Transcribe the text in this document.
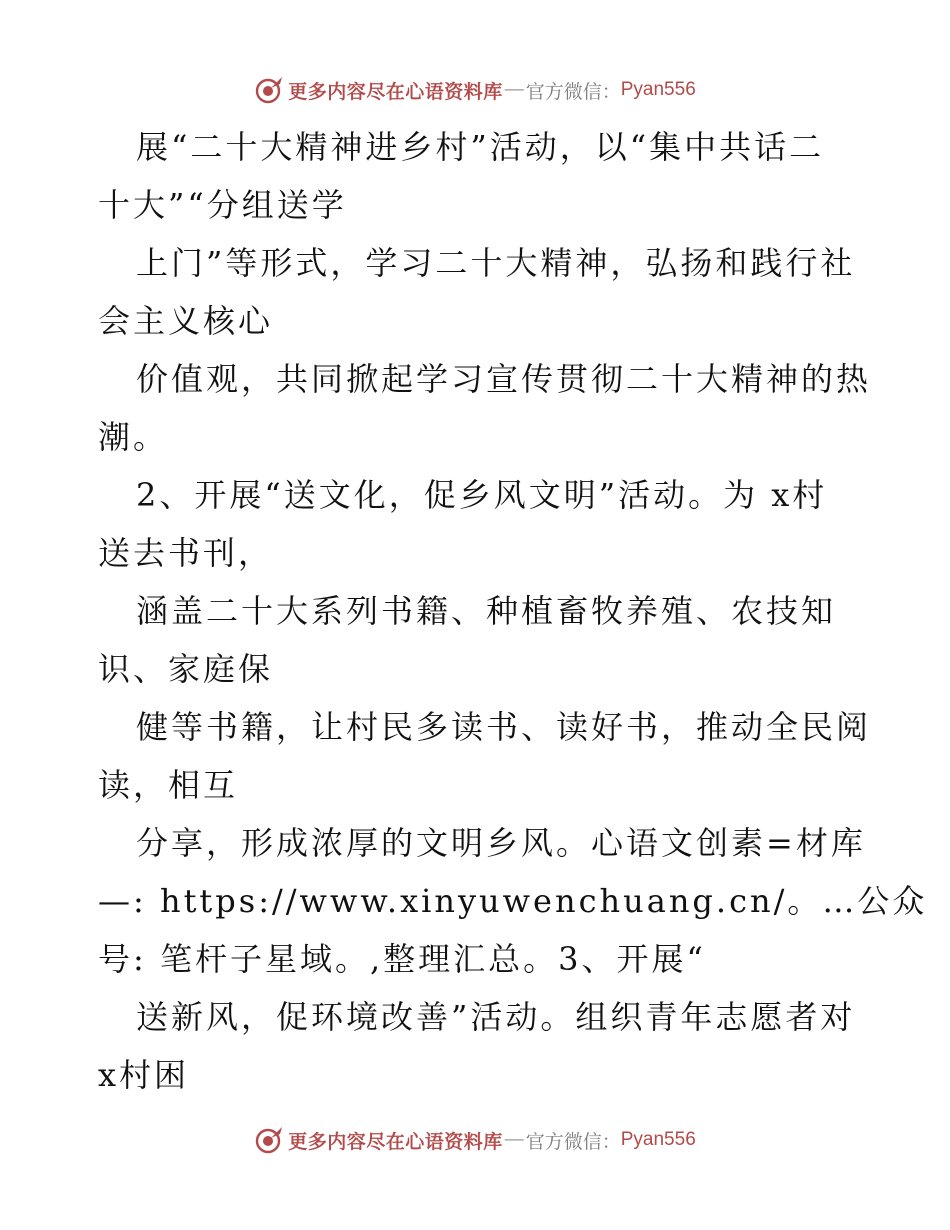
更多内容尽在心语资料库 — 官方微信： Pyan556
展“二十大精神进乡村”活动，以“集中共话二
十大”“分组送学
上门”等形式，学习二十大精神，弘扬和践行社
会主义核心
价值观，共同掀起学习宣传贯彻二十大精神的热
潮。
2、开展“送文化，促乡风文明”活动。为 x村
送去书刊，
涵盖二十大系列书籍、种植畜牧养殖、农技知
识、家庭保
健等书籍，让村民多读书、读好书，推动全民阅
读，相互
分享，形成浓厚的文明乡风。心语文创素=材库
—: https://www.xinyuwenchuang.cn/。…公众
号: 笔杆子星域。,整理汇总。3、开展“
送新风，促环境改善”活动。组织青年志愿者对
x村困
更多内容尽在心语资料库 — 官方微信： Pyan556
